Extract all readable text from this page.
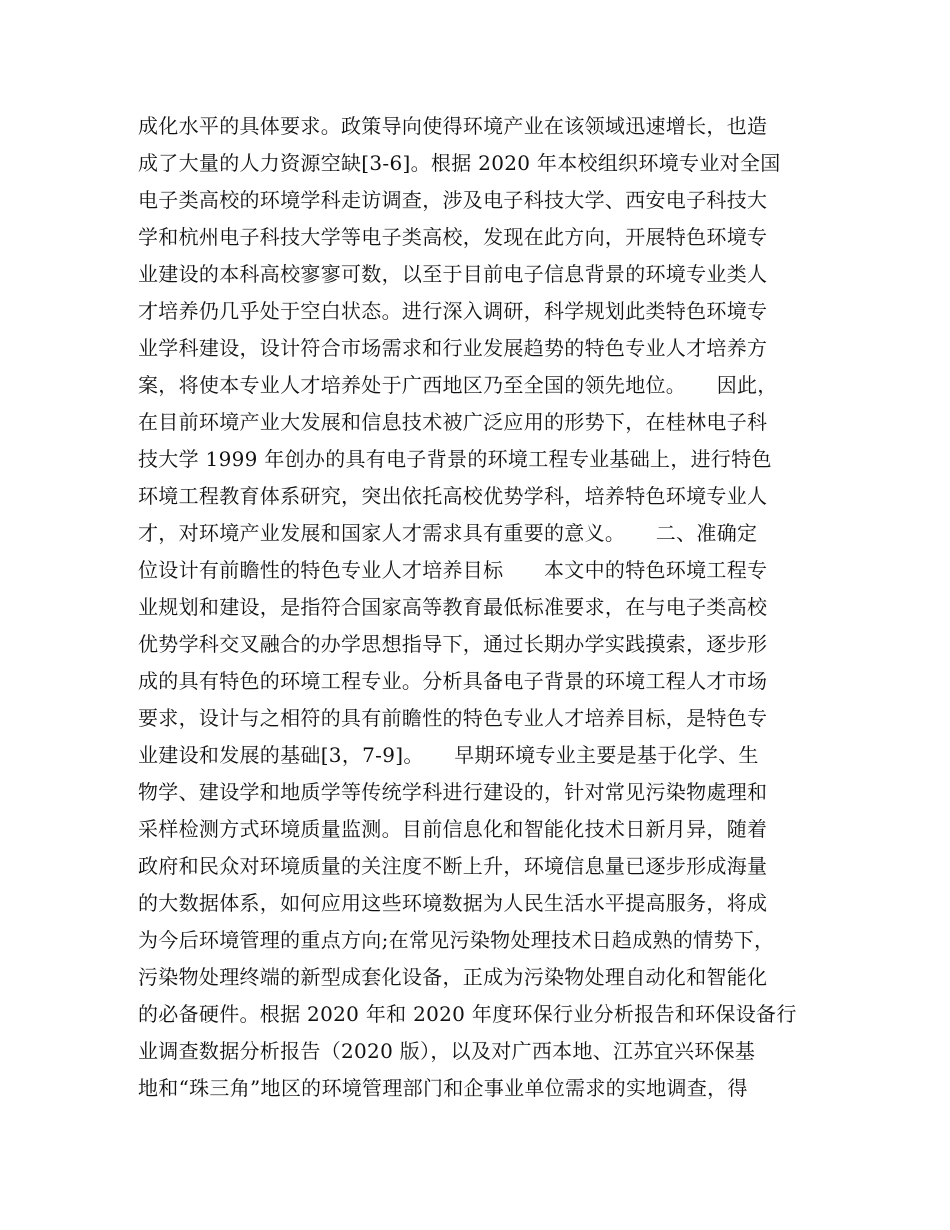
成化水平的具体要求。政策导向使得环境产业在该领域迅速增长，也造
成了大量的人力资源空缺[3-6]。根据 2020 年本校组织环境专业对全国
电子类高校的环境学科走访调查，涉及电子科技大学、西安电子科技大
学和杭州电子科技大学等电子类高校，发现在此方向，开展特色环境专
业建设的本科高校寥寥可数，以至于目前电子信息背景的环境专业类人
才培养仍几乎处于空白状态。进行深入调研，科学规划此类特色环境专
业学科建设，设计符合市场需求和行业发展趋势的特色专业人才培养方
案，将使本专业人才培养处于广西地区乃至全国的领先地位。　　因此，
在目前环境产业大发展和信息技术被广泛应用的形势下，在桂林电子科
技大学 1999 年创办的具有电子背景的环境工程专业基础上，进行特色
环境工程教育体系研究，突出依托高校优势学科，培养特色环境专业人
才，对环境产业发展和国家人才需求具有重要的意义。　　二、准确定
位设计有前瞻性的特色专业人才培养目标　　本文中的特色环境工程专
业规划和建设，是指符合国家高等教育最低标准要求，在与电子类高校
优势学科交叉融合的办学思想指导下，通过长期办学实践摸索，逐步形
成的具有特色的环境工程专业。分析具备电子背景的环境工程人才市场
要求，设计与之相符的具有前瞻性的特色专业人才培养目标，是特色专
业建设和发展的基础[3，7-9]。　　早期环境专业主要是基于化学、生
物学、建设学和地质学等传统学科进行建设的，针对常见污染物處理和
采样检测方式环境质量监测。目前信息化和智能化技术日新月异，随着
政府和民众对环境质量的关注度不断上升，环境信息量已逐步形成海量
的大数据体系，如何应用这些环境数据为人民生活水平提高服务，将成
为今后环境管理的重点方向;在常见污染物处理技术日趋成熟的情势下，
污染物处理终端的新型成套化设备，正成为污染物处理自动化和智能化
的必备硬件。根据 2020 年和 2020 年度环保行业分析报告和环保设备行
业调查数据分析报告（2020 版），以及对广西本地、江苏宜兴环保基
地和“珠三角”地区的环境管理部门和企事业单位需求的实地调查，得
